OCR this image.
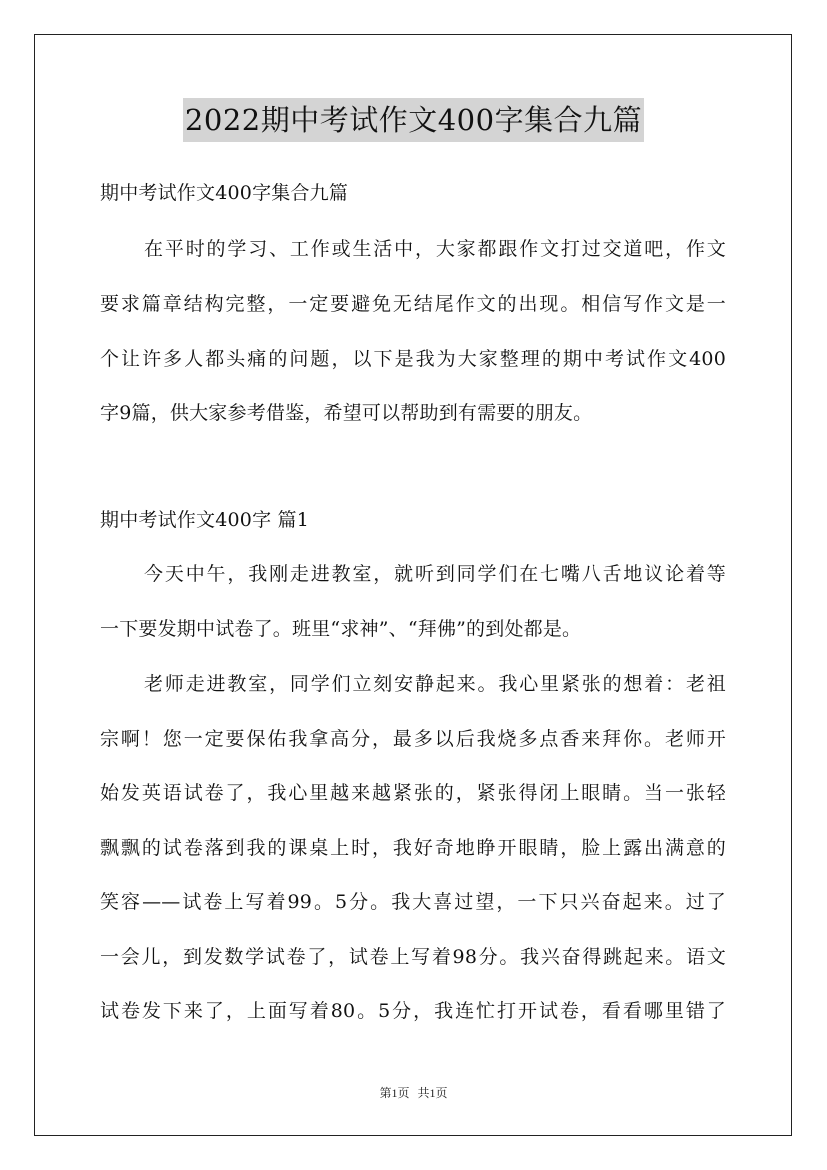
2022期中考试作文400字集合九篇
期中考试作文400字集合九篇
在平时的学习、工作或生活中，大家都跟作文打过交道吧，作文
要求篇章结构完整，一定要避免无结尾作文的出现。相信写作文是一
个让许多人都头痛的问题，以下是我为大家整理的期中考试作文400
字9篇，供大家参考借鉴，希望可以帮助到有需要的朋友。
期中考试作文400字 篇1
今天中午，我刚走进教室，就听到同学们在七嘴八舌地议论着等
一下要发期中试卷了。班里“求神”、“拜佛”的到处都是。
老师走进教室，同学们立刻安静起来。我心里紧张的想着：老祖
宗啊！您一定要保佑我拿高分，最多以后我烧多点香来拜你。老师开
始发英语试卷了，我心里越来越紧张的，紧张得闭上眼睛。当一张轻
飘飘的试卷落到我的课桌上时，我好奇地睁开眼睛，脸上露出满意的
笑容——试卷上写着99。5分。我大喜过望，一下只兴奋起来。过了
一会儿，到发数学试卷了，试卷上写着98分。我兴奋得跳起来。语文
试卷发下来了，上面写着80。5分，我连忙打开试卷，看看哪里错了
第1页 共1页
